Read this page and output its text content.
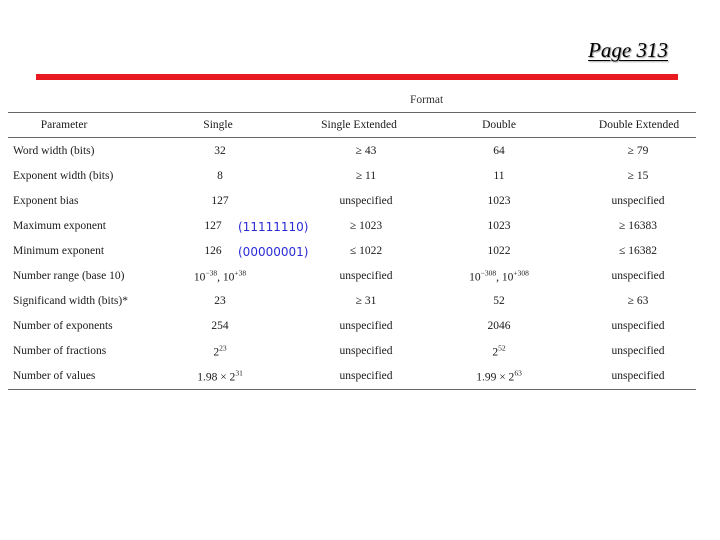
Page 313
Format
Parameter	Single	Single Extended	Double	Double Extended
Word width (bits)	32	≥ 43	64	≥ 79
Exponent width (bits)	8	≥ 11	11	≥ 15
Exponent bias	127	unspecified	1023	unspecified
Maximum exponent	127	≥ 1023	1023	≥ 16383
Minimum exponent	126	≤ 1022	1022	≤ 16382
Number range (base 10)	$10^{-38}$, $10^{+38}$	unspecified	$10^{-308}$, $10^{+308}$	unspecified
Significand width (bits)*	23	≥ 31	52	≥ 63
Number of exponents	254	unspecified	2046	unspecified
Number of fractions	$2^{23}$	unspecified	$2^{52}$	unspecified
Number of values	$1.98 \times 2^{31}$	unspecified	$1.99 \times 2^{63}$	unspecified
(11111110)
(00000001)
